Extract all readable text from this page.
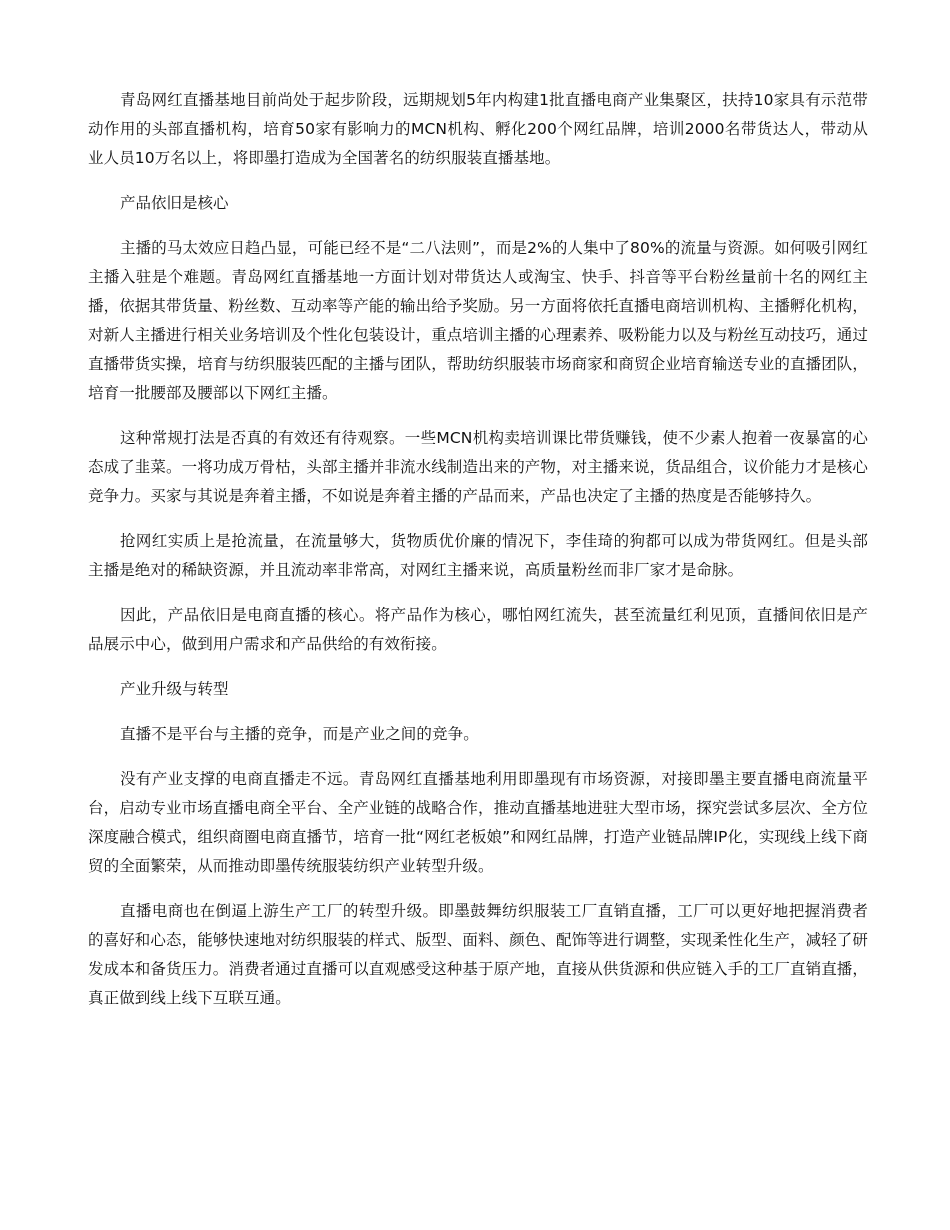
青岛网红直播基地目前尚处于起步阶段，远期规划5年内构建1批直播电商产业集聚区，扶持10家具有示范带动作用的头部直播机构，培育50家有影响力的MCN机构、孵化200个网红品牌，培训2000名带货达人，带动从业人员10万名以上，将即墨打造成为全国著名的纺织服装直播基地。

产品依旧是核心

主播的马太效应日趋凸显，可能已经不是“二八法则”，而是2%的人集中了80%的流量与资源。如何吸引网红主播入驻是个难题。青岛网红直播基地一方面计划对带货达人或淘宝、快手、抖音等平台粉丝量前十名的网红主播，依据其带货量、粉丝数、互动率等产能的输出给予奖励。另一方面将依托直播电商培训机构、主播孵化机构，对新人主播进行相关业务培训及个性化包装设计，重点培训主播的心理素养、吸粉能力以及与粉丝互动技巧，通过直播带货实操，培育与纺织服装匹配的主播与团队，帮助纺织服装市场商家和商贸企业培育输送专业的直播团队，培育一批腰部及腰部以下网红主播。

这种常规打法是否真的有效还有待观察。一些MCN机构卖培训课比带货赚钱，使不少素人抱着一夜暴富的心态成了韭菜。一将功成万骨枯，头部主播并非流水线制造出来的产物，对主播来说，货品组合，议价能力才是核心竞争力。买家与其说是奔着主播，不如说是奔着主播的产品而来，产品也决定了主播的热度是否能够持久。

抢网红实质上是抢流量，在流量够大，货物质优价廉的情况下，李佳琦的狗都可以成为带货网红。但是头部主播是绝对的稀缺资源，并且流动率非常高，对网红主播来说，高质量粉丝而非厂家才是命脉。

因此，产品依旧是电商直播的核心。将产品作为核心，哪怕网红流失，甚至流量红利见顶，直播间依旧是产品展示中心，做到用户需求和产品供给的有效衔接。

产业升级与转型

直播不是平台与主播的竞争，而是产业之间的竞争。

没有产业支撑的电商直播走不远。青岛网红直播基地利用即墨现有市场资源，对接即墨主要直播电商流量平台，启动专业市场直播电商全平台、全产业链的战略合作，推动直播基地进驻大型市场，探究尝试多层次、全方位深度融合模式，组织商圈电商直播节，培育一批“网红老板娘”和网红品牌，打造产业链品牌IP化，实现线上线下商贸的全面繁荣，从而推动即墨传统服装纺织产业转型升级。

直播电商也在倒逼上游生产工厂的转型升级。即墨鼓舞纺织服装工厂直销直播，工厂可以更好地把握消费者的喜好和心态，能够快速地对纺织服装的样式、版型、面料、颜色、配饰等进行调整，实现柔性化生产，减轻了研发成本和备货压力。消费者通过直播可以直观感受这种基于原产地，直接从供货源和供应链入手的工厂直销直播，真正做到线上线下互联互通。
